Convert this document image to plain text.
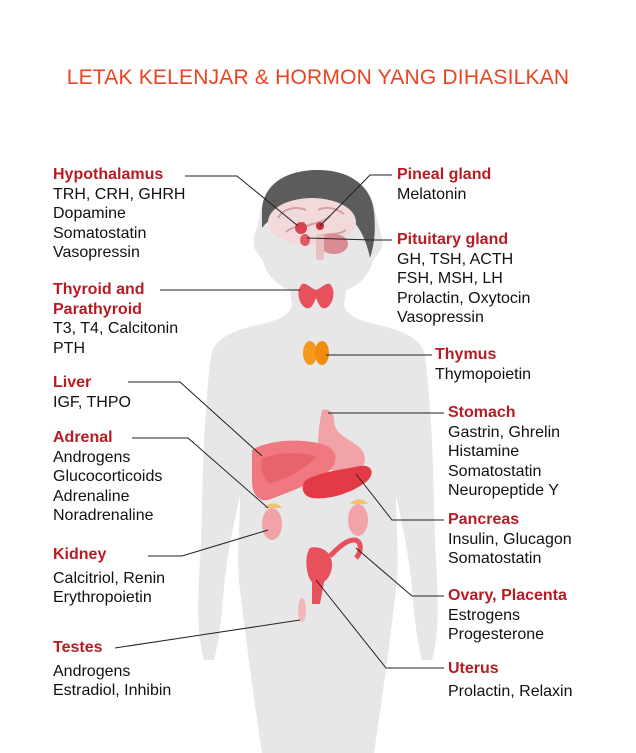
LETAK KELENJAR & HORMON YANG DIHASILKAN
Hypothalamus
TRH, CRH, GHRH
Dopamine
Somatostatin
Vasopressin
Thyroid and
Parathyroid
T3, T4, Calcitonin
PTH
Liver
IGF, THPO
Adrenal
Androgens
Glucocorticoids
Adrenaline
Noradrenaline
Kidney
Calcitriol, Renin
Erythropoietin
Testes
Androgens
Estradiol, Inhibin
Pineal gland
Melatonin
Pituitary gland
GH, TSH, ACTH
FSH, MSH, LH
Prolactin, Oxytocin
Vasopressin
Thymus
Thymopoietin
Stomach
Gastrin, Ghrelin
Histamine
Somatostatin
Neuropeptide Y
Pancreas
Insulin, Glucagon
Somatostatin
Ovary, Placenta
Estrogens
Progesterone
Uterus
Prolactin, Relaxin
